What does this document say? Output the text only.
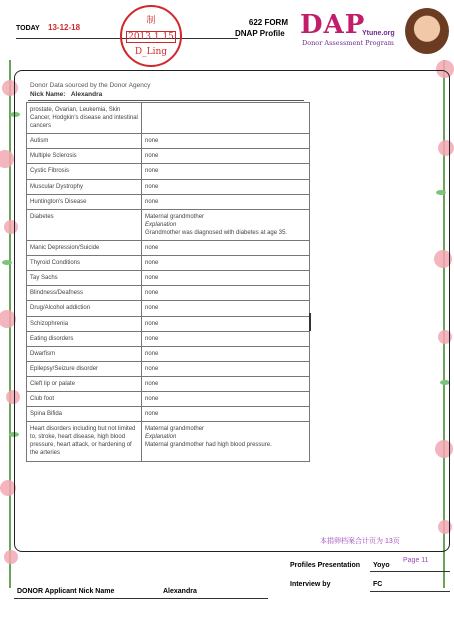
TODAY 13-12-18
制
2013.1.15
D_Ling
622 FORM
DNAP Profile DAP
Ytune.org
Donor Assessment Program
Donor Data sourced by the Donor Agency
Nick Name: Alexandra
prostate, Ovarian, Leukemia, Skin Cancer, Hodgkin's disease and intestinal cancers	

Autism	none

Multiple Sclerosis	none

Cystic Fibrosis	none

Muscular Dystrophy	none

Huntington's Disease	none

Diabetes	Maternal grandmother
Explanation
Grandmother was diagnosed with diabetes at age 35.

Manic Depression/Suicide	none

Thyroid Conditions	none

Tay Sachs	none

Blindness/Deafness	none

Drug/Alcohol addiction	none

Schizophrenia	none

Eating disorders	none

Dwarfism	none

Epilepsy/Seizure disorder	none

Cleft lip or palate	none

Club foot	none

Spina Bifida	none

Heart disorders including but not limited to, stroke, heart disease, high blood pressure, heart attack, or hardening of the arteries	Maternal grandmother
Explanation
Maternal grandmother had high blood pressure.
本捐卵档案合计页为 13页
Page 11
Profiles Presentation Yoyo
Interview by	FC
DONOR Applicant Nick Name	Alexandra
